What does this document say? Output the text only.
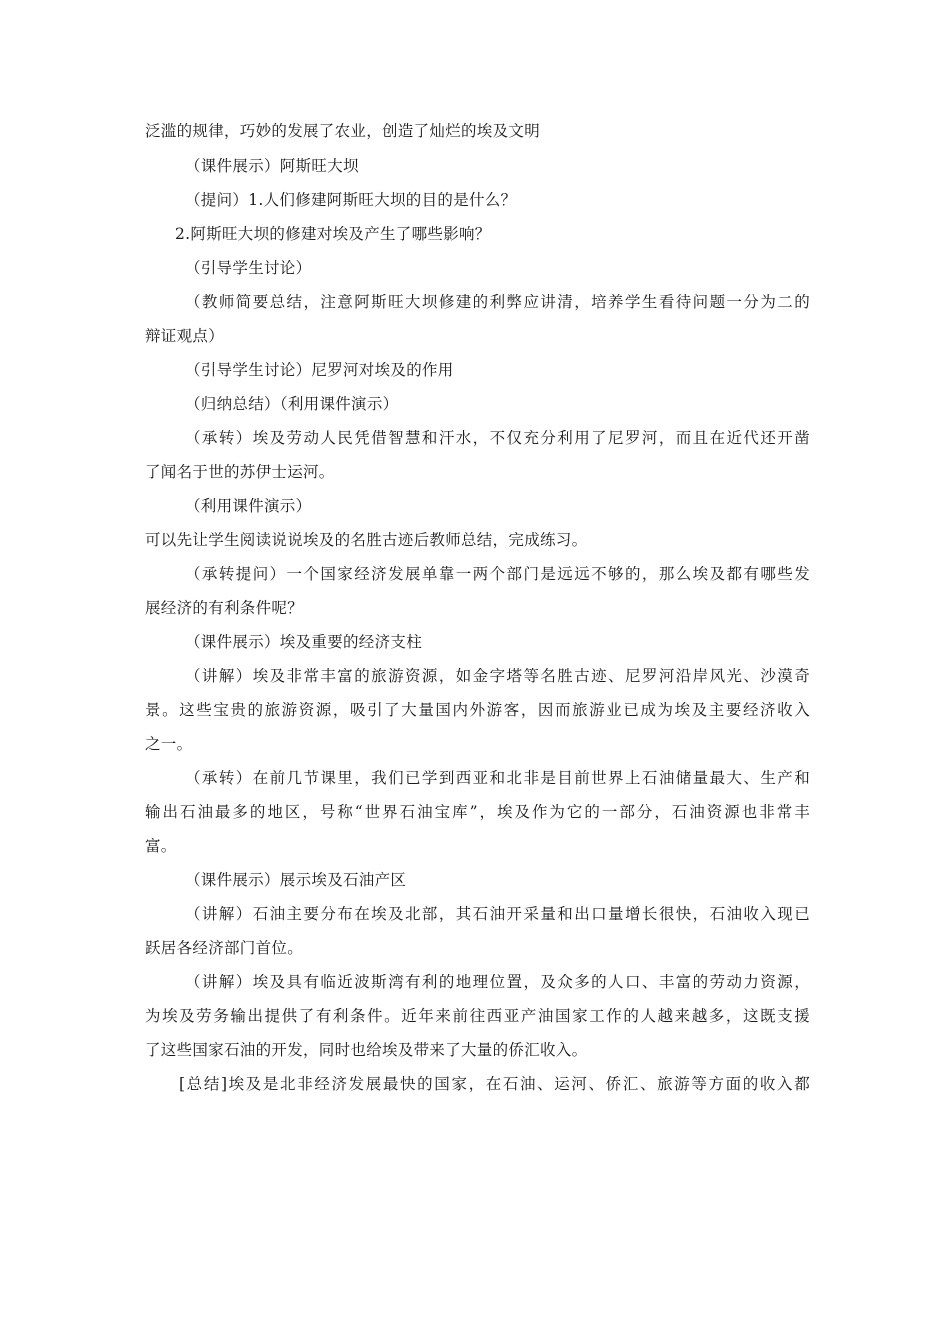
泛滥的规律，巧妙的发展了农业，创造了灿烂的埃及文明
（课件展示）阿斯旺大坝
（提问）1.人们修建阿斯旺大坝的目的是什么？
2.阿斯旺大坝的修建对埃及产生了哪些影响？
（引导学生讨论）
（教师简要总结，注意阿斯旺大坝修建的利弊应讲清，培养学生看待问题一分为二的
辩证观点）
（引导学生讨论）尼罗河对埃及的作用
（归纳总结）（利用课件演示）
（承转）埃及劳动人民凭借智慧和汗水，不仅充分利用了尼罗河，而且在近代还开凿
了闻名于世的苏伊士运河。
（利用课件演示）
可以先让学生阅读说说埃及的名胜古迹后教师总结，完成练习。
（承转提问）一个国家经济发展单靠一两个部门是远远不够的，那么埃及都有哪些发
展经济的有利条件呢？
（课件展示）埃及重要的经济支柱
（讲解）埃及非常丰富的旅游资源，如金字塔等名胜古迹、尼罗河沿岸风光、沙漠奇
景。这些宝贵的旅游资源，吸引了大量国内外游客，因而旅游业已成为埃及主要经济收入
之一。
（承转）在前几节课里，我们已学到西亚和北非是目前世界上石油储量最大、生产和
输出石油最多的地区，号称“世界石油宝库”，埃及作为它的一部分，石油资源也非常丰
富。
（课件展示）展示埃及石油产区
（讲解）石油主要分布在埃及北部，其石油开采量和出口量增长很快，石油收入现已
跃居各经济部门首位。
（讲解）埃及具有临近波斯湾有利的地理位置，及众多的人口、丰富的劳动力资源，
为埃及劳务输出提供了有利条件。近年来前往西亚产油国家工作的人越来越多，这既支援
了这些国家石油的开发，同时也给埃及带来了大量的侨汇收入。
[总结]埃及是北非经济发展最快的国家，在石油、运河、侨汇、旅游等方面的收入都
